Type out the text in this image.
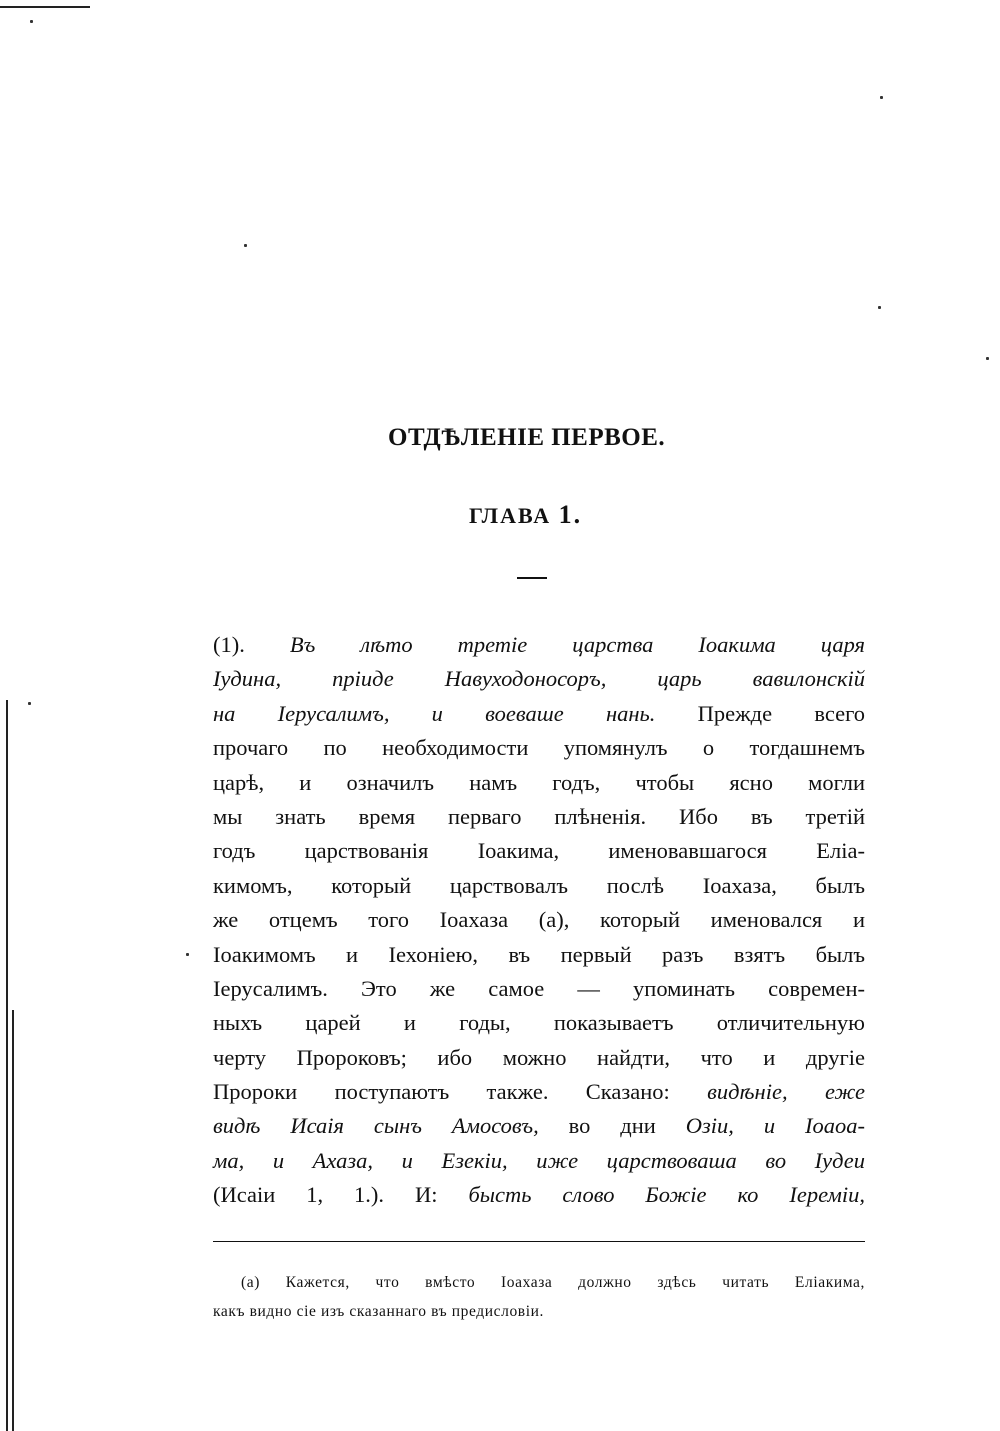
ОТДѢЛЕНІЕ ПЕРВОЕ.
ГЛАВА 1.
(1). Въ лѣто третіе царства Іоакима царя
Іудина, пріиде Навуходоносоръ, царь вавилонскій
на Іерусалимъ, и воеваше нань. Прежде всего
прочаго по необходимости упомянулъ о тогдашнемъ
царѣ, и означилъ намъ годъ, чтобы ясно могли
мы знать время перваго плѣненія. Ибо въ третій
годъ царствованія Іоакима, именовавшагося Еліа-
кимомъ, который царствовалъ послѣ Іоахаза, былъ
же отцемъ того Іоахаза (а), который именовался и
Іоакимомъ и Іехоніею, въ первый разъ взятъ былъ
Іерусалимъ. Это же самое — упоминать современ-
ныхъ царей и годы, показываетъ отличительную
черту Пророковъ; ибо можно найдти, что и другіе
Пророки поступаютъ также. Сказано: видѣніе, еже
видѣ Исаія сынъ Амосовъ, во дни Озіи, и Іоаоа-
ма, и Ахаза, и Езекіи, иже царствоваша во Іудеи
(Исаіи 1, 1.). И: бысть слово Божіе ко Іереміи,
(а) Кажется, что вмѣсто Іоахаза должно здѣсь читать Еліакима,
какъ видно сіе изъ сказаннаго въ предисловіи.
